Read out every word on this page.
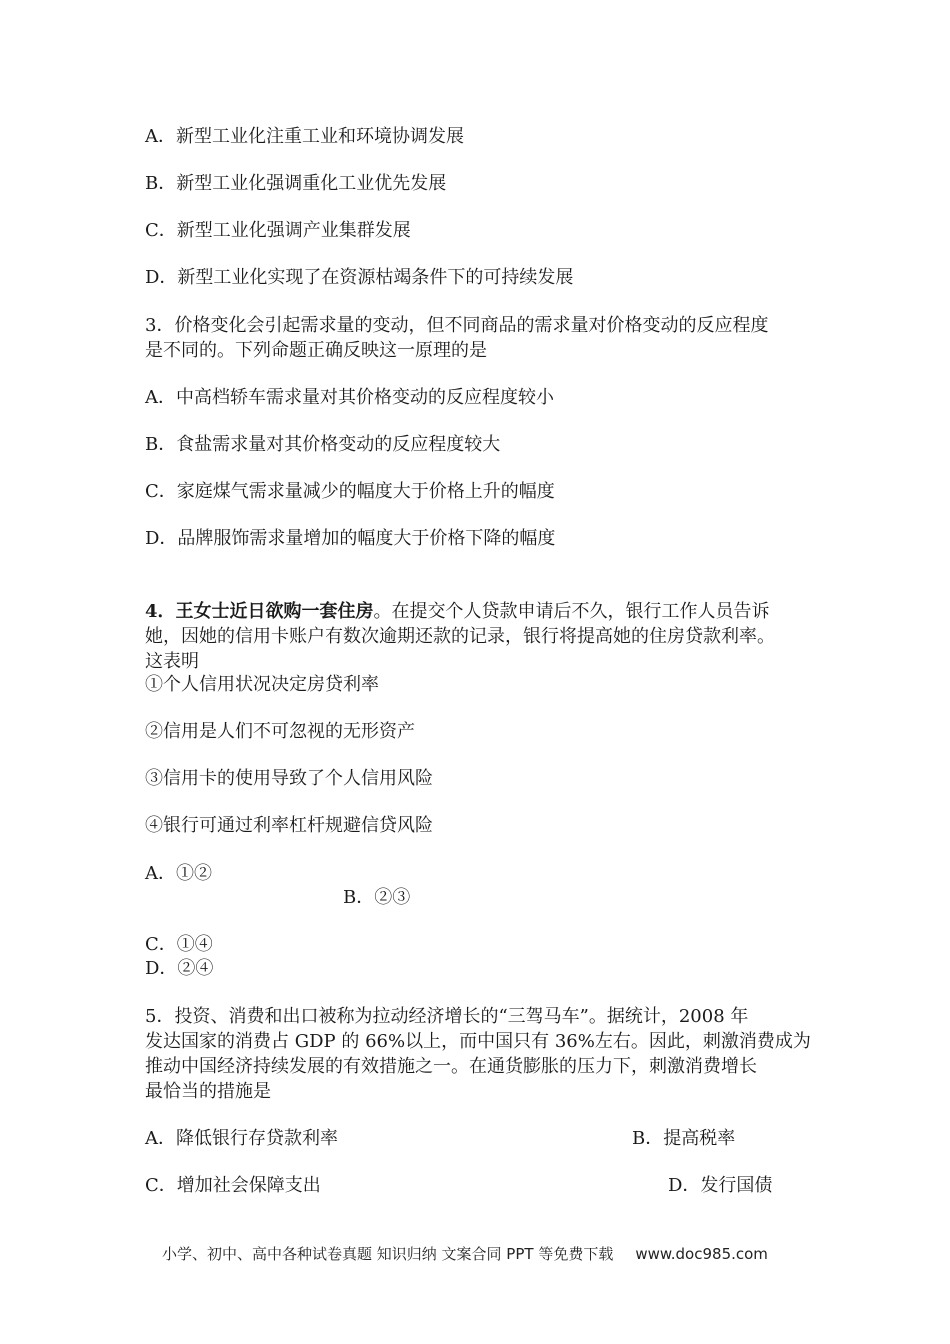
A．新型工业化注重工业和环境协调发展
B．新型工业化强调重化工业优先发展
C．新型工业化强调产业集群发展
D．新型工业化实现了在资源枯竭条件下的可持续发展
3．价格变化会引起需求量的变动，但不同商品的需求量对价格变动的反应程度
是不同的。下列命题正确反映这一原理的是
A．中高档轿车需求量对其价格变动的反应程度较小
B．食盐需求量对其价格变动的反应程度较大
C．家庭煤气需求量减少的幅度大于价格上升的幅度
D．品牌服饰需求量增加的幅度大于价格下降的幅度
4．王女士近日欲购一套住房。在提交个人贷款申请后不久，银行工作人员告诉
她，因她的信用卡账户有数次逾期还款的记录，银行将提高她的住房贷款利率。
这表明
①个人信用状况决定房贷利率
②信用是人们不可忽视的无形资产
③信用卡的使用导致了个人信用风险
④银行可通过利率杠杆规避信贷风险
A．①②
B．②③
C．①④
D．②④
5．投资、消费和出口被称为拉动经济增长的“三驾马车”。据统计，2008 年
发达国家的消费占 GDP 的 66%以上，而中国只有 36%左右。因此，刺激消费成为
推动中国经济持续发展的有效措施之一。在通货膨胀的压力下，刺激消费增长
最恰当的措施是
A．降低银行存贷款利率	B．提高税率
C．增加社会保障支出	D．发行国债
小学、初中、高中各种试卷真题 知识归纳 文案合同 PPT 等免费下载 www.doc985.com
